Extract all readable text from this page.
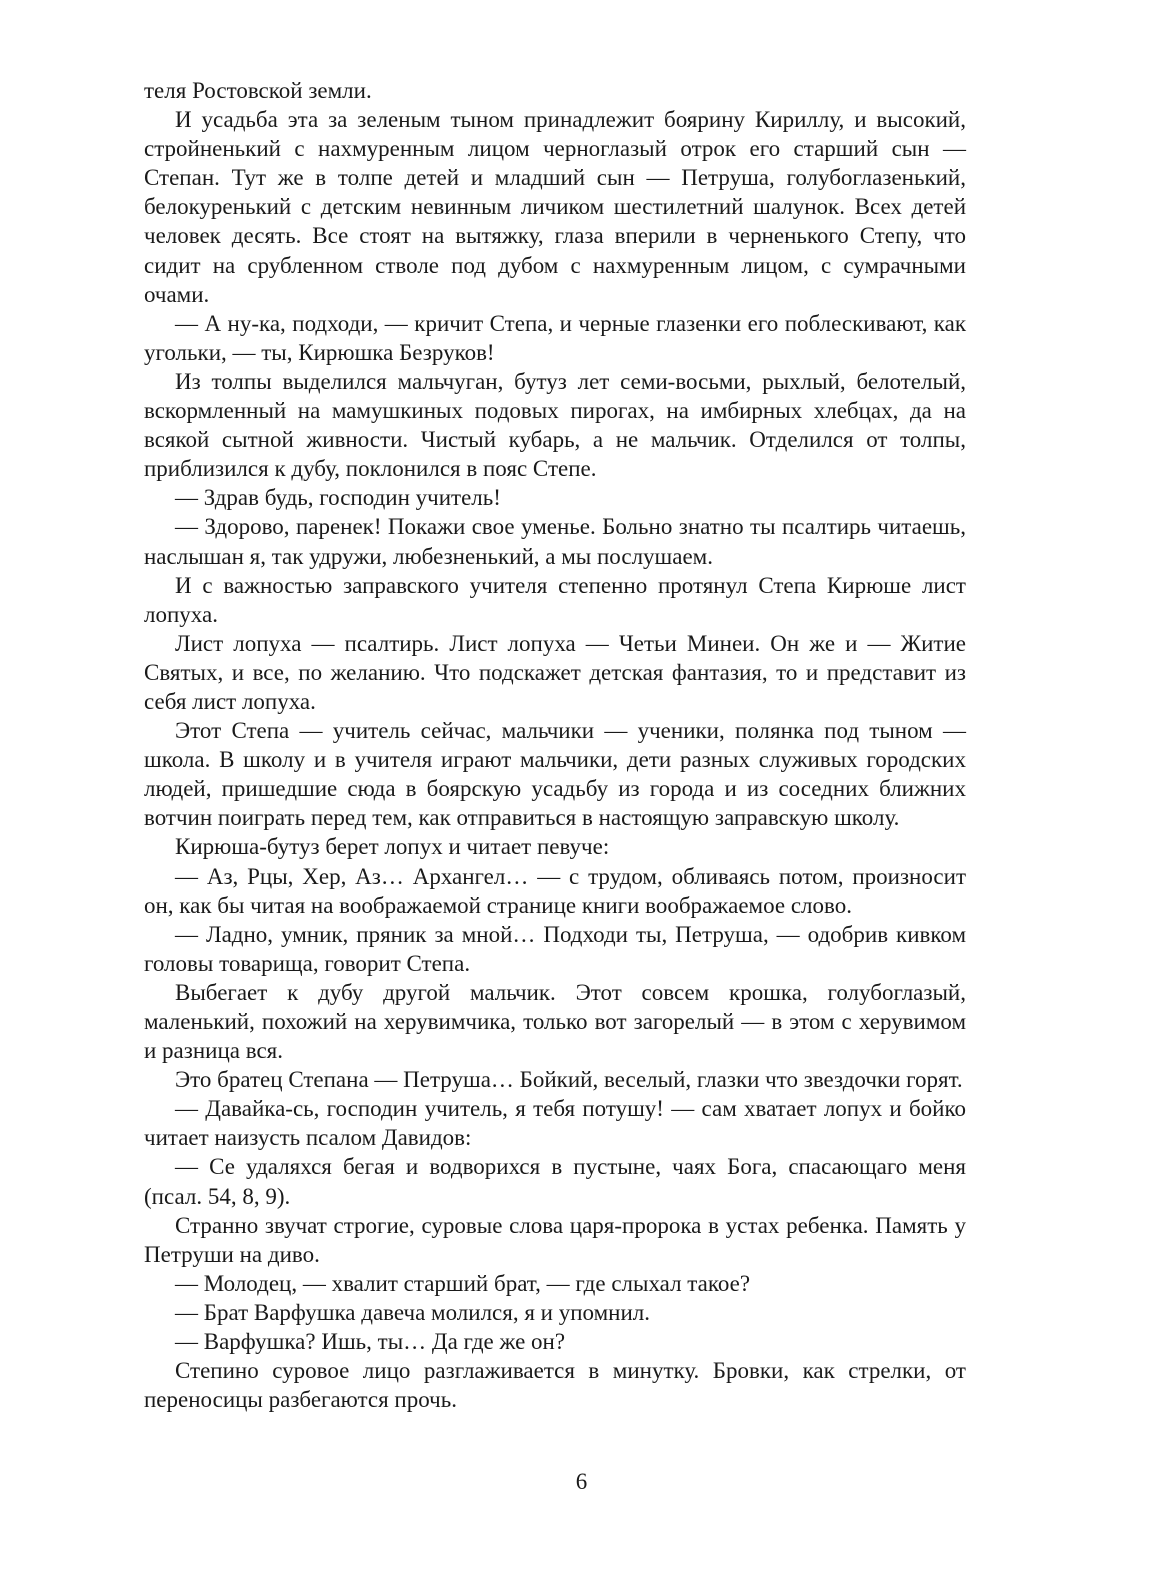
теля Ростовской земли.

И усадьба эта за зеленым тыном принадлежит боярину Кириллу, и высокий, стройненький с нахмуренным лицом черноглазый отрок его старший сын — Степан. Тут же в толпе детей и младший сын — Петруша, голубоглазенький, белокуренький с детским невинным личиком шестилетний шалунок. Всех детей человек десять. Все стоят на вытяжку, глаза вперили в черненького Степу, что сидит на срубленном стволе под дубом с нахмуренным лицом, с сумрачными очами.

— А ну-ка, подходи, — кричит Степа, и черные глазенки его поблескивают, как угольки, — ты, Кирюшка Безруков!

Из толпы выделился мальчуган, бутуз лет семи-восьми, рыхлый, белотелый, вскормленный на мамушкиных подовых пирогах, на имбирных хлебцах, да на всякой сытной живности. Чистый кубарь, а не мальчик. Отделился от толпы, приблизился к дубу, поклонился в пояс Степе.

— Здрав будь, господин учитель!

— Здорово, паренек! Покажи свое уменье. Больно знатно ты псалтирь читаешь, наслышан я, так удружи, любезненький, а мы послушаем.

И с важностью заправского учителя степенно протянул Степа Кирюше лист лопуха.

Лист лопуха — псалтирь. Лист лопуха — Четьи Минеи. Он же и — Житие Святых, и все, по желанию. Что подскажет детская фантазия, то и представит из себя лист лопуха.

Этот Степа — учитель сейчас, мальчики — ученики, полянка под тыном — школа. В школу и в учителя играют мальчики, дети разных служивых городских людей, пришедшие сюда в боярскую усадьбу из города и из соседних ближних вотчин поиграть перед тем, как отправиться в настоящую заправскую школу.

Кирюша-бутуз берет лопух и читает певуче:

— Аз, Рцы, Хер, Аз… Архангел… — с трудом, обливаясь потом, произносит он, как бы читая на воображаемой странице книги воображаемое слово.

— Ладно, умник, пряник за мной… Подходи ты, Петруша, — одобрив кивком головы товарища, говорит Степа.

Выбегает к дубу другой мальчик. Этот совсем крошка, голубоглазый, маленький, похожий на херувимчика, только вот загорелый — в этом с херувимом и разница вся.

Это братец Степана — Петруша… Бойкий, веселый, глазки что звездочки горят.

— Давайка-сь, господин учитель, я тебя потушу! — сам хватает лопух и бойко читает наизусть псалом Давидов:

— Се удаляхся бегая и водворихся в пустыне, чаях Бога, спасающаго меня (псал. 54, 8, 9).

Странно звучат строгие, суровые слова царя-пророка в устах ребенка. Память у Петруши на диво.

— Молодец, — хвалит старший брат, — где слыхал такое?

— Брат Варфушка давеча молился, я и упомнил.

— Варфушка? Ишь, ты… Да где же он?

Степино суровое лицо разглаживается в минутку. Бровки, как стрелки, от переносицы разбегаются прочь.

6
